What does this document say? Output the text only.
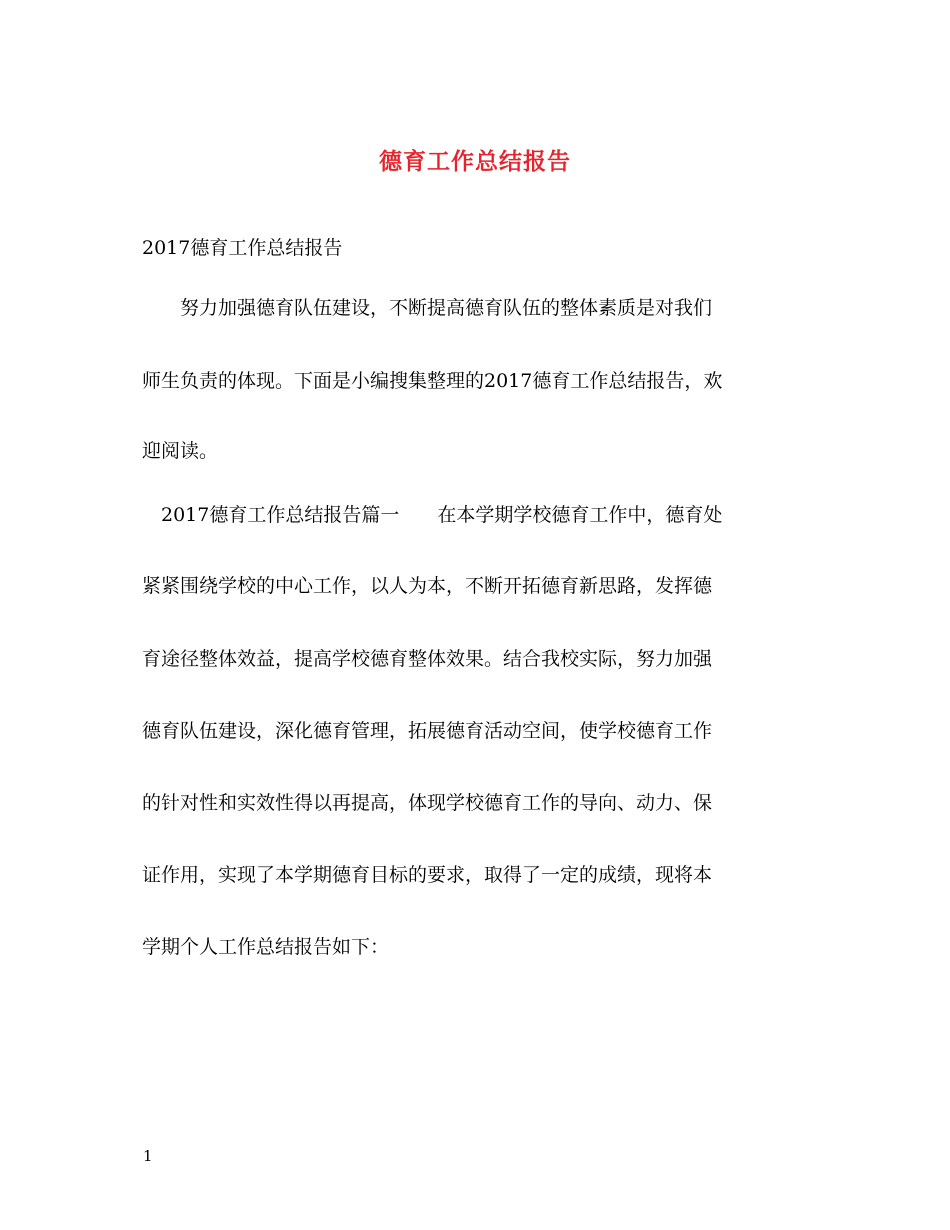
德育工作总结报告
2017德育工作总结报告
　　努力加强德育队伍建设，不断提高德育队伍的整体素质是对我们
师生负责的体现。下面是小编搜集整理的2017德育工作总结报告，欢
迎阅读。
　2017德育工作总结报告篇一　　在本学期学校德育工作中，德育处
紧紧围绕学校的中心工作，以人为本，不断开拓德育新思路，发挥德
育途径整体效益，提高学校德育整体效果。结合我校实际，努力加强
德育队伍建设，深化德育管理，拓展德育活动空间，使学校德育工作
的针对性和实效性得以再提高，体现学校德育工作的导向、动力、保
证作用，实现了本学期德育目标的要求，取得了一定的成绩，现将本
学期个人工作总结报告如下：
1
